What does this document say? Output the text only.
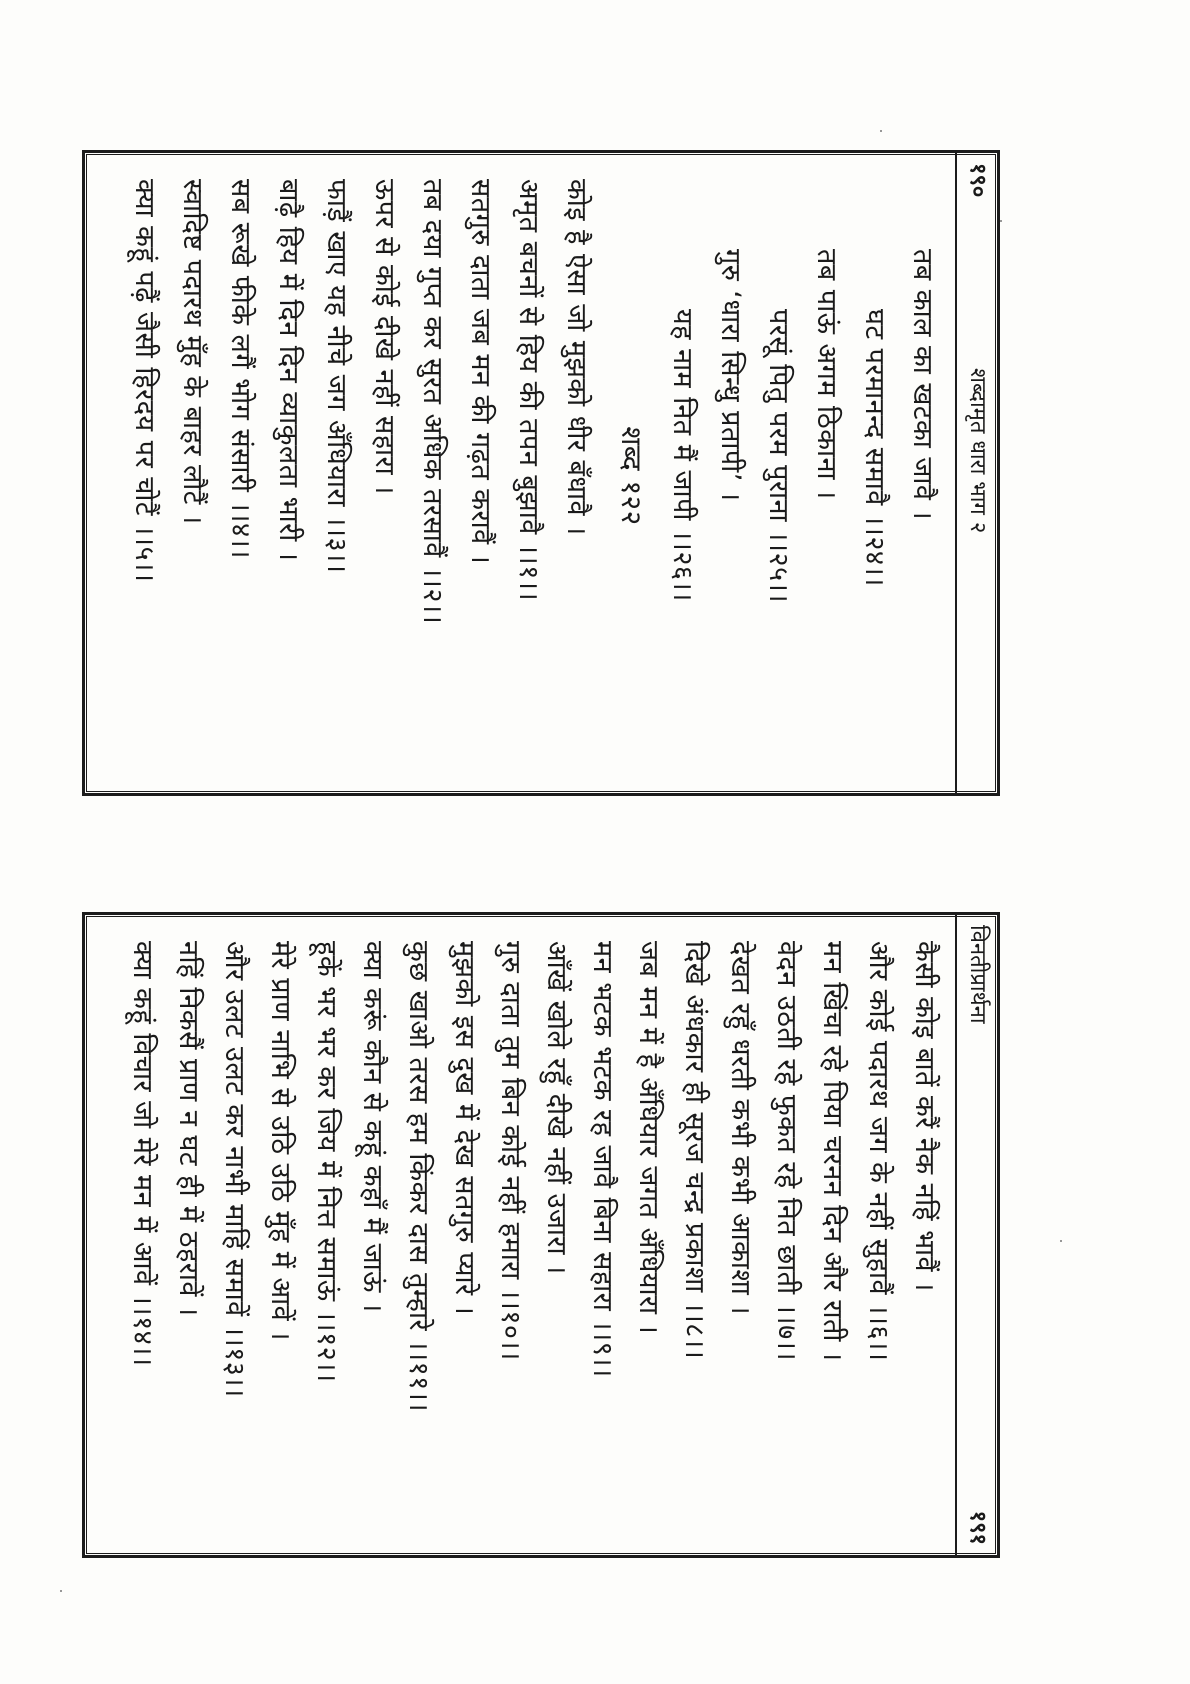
१९०
शब्दामृत धारा भाग २
तब काल का खटका जावै ।
घट परमानन्द समावै ।।२४।।
तब पाऊं अगम ठिकाना ।
परसूं पितु परम पुराना ।।२५।।
गुरु ‘धारा सिन्धु प्रतापी’ ।
यह नाम नित मैं जापी ।।२६।।
शब्द १२२
कोइ है ऐसा जो मुझको धीर बँधावै ।
अमृत बचनों से हिय की तपन बुझावै ।।१।।
सतगुरु दाता जब मन की गढ़त करावैं ।
तब दया गुप्त कर सुरत अधिक तरसावैं ।।२।।
ऊपर से कोई दीखे नहीं सहारा ।
फाड़ैं खाए यह नीचे जग अँधियारा ।।३।।
बाढ़ै हिय में दिन दिन व्याकुलता भारी ।
सब रूखे फीके लगैं भोग संसारी ।।४।।
स्वादिष्ट पदारथ मुँह के बाहर लौटैं ।
क्या कहूं पढ़ैं जैसी हिरदय पर चोटैं ।।५।।
विनतीप्रार्थना
१९१
कैसी कोइ बातें करैं नैक नहिं भावैं ।
और कोई पदारथ जग के नहीं सुहावैं ।।६।।
मन खिंचा रहे पिया चरनन दिन और राती ।
वेदन उठती रहे फुकत रहे नित छाती ।।७।।
देखत रहुँ धरती कभी कभी आकाशा ।
दिखे अंधकार ही सूरज चन्द्र प्रकाशा ।।८।।
जब मन में है अँधियार जगत अँधियारा ।
मन भटक भटक रह जावै बिना सहारा ।।९।।
आँखें खोले रहुँ दीखे नहीं उजारा ।
गुरु दाता तुम बिन कोई नहीं हमारा ।।१०।।
मुझको इस दुख में देख सतगुरु प्यारे ।
कुछ खाओ तरस हम किंकर दास तुम्हारे ।।११।।
क्या करूं कौन से कहूं कहाँ मैं जाऊं ।
हूकें भर भर कर जिय में नित्त समाऊं ।।१२।।
मेरे प्राण नाभि से उठि उठि मुँह में आवें ।
और उलट उलट कर नाभी माहिं समावें ।।१३।।
नहिं निकसैं प्राण न घट ही में ठहरावें ।
क्या कहूं विचार जो मेरे मन में आवें ।।१४।।
